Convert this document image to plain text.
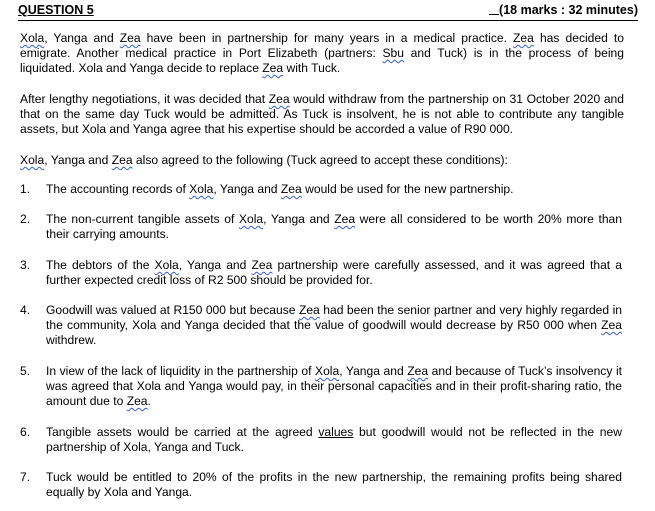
QUESTION 5	(18 marks : 32 minutes)
Xola, Yanga and Zea have been in partnership for many years in a medical practice. Zea has decided to emigrate. Another medical practice in Port Elizabeth (partners: Sbu and Tuck) is in the process of being liquidated. Xola and Yanga decide to replace Zea with Tuck.
After lengthy negotiations, it was decided that Zea would withdraw from the partnership on 31 October 2020 and that on the same day Tuck would be admitted. As Tuck is insolvent, he is not able to contribute any tangible assets, but Xola and Yanga agree that his expertise should be accorded a value of R90 000.
Xola, Yanga and Zea also agreed to the following (Tuck agreed to accept these conditions):
1. The accounting records of Xola, Yanga and Zea would be used for the new partnership.
2. The non-current tangible assets of Xola, Yanga and Zea were all considered to be worth 20% more than their carrying amounts.
3. The debtors of the Xola, Yanga and Zea partnership were carefully assessed, and it was agreed that a further expected credit loss of R2 500 should be provided for.
4. Goodwill was valued at R150 000 but because Zea had been the senior partner and very highly regarded in the community, Xola and Yanga decided that the value of goodwill would decrease by R50 000 when Zea withdrew.
5. In view of the lack of liquidity in the partnership of Xola, Yanga and Zea and because of Tuck’s insolvency it was agreed that Xola and Yanga would pay, in their personal capacities and in their profit-sharing ratio, the amount due to Zea.
6. Tangible assets would be carried at the agreed values but goodwill would not be reflected in the new partnership of Xola, Yanga and Tuck.
7. Tuck would be entitled to 20% of the profits in the new partnership, the remaining profits being shared equally by Xola and Yanga.
